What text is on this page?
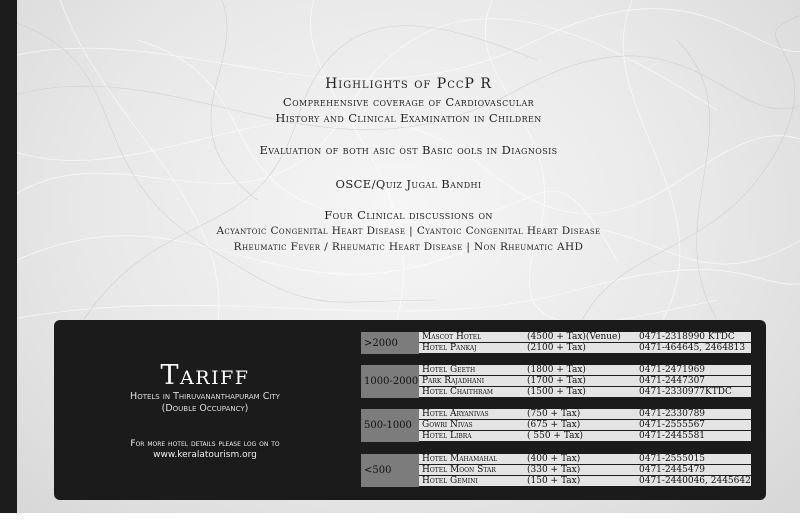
Highlights of PccP R
Comprehensive coverage of Cardiovascular
History and Clinical Examination in Children
Evaluation of both asic ost Basic ools in Diagnosis
OSCE/Quiz Jugal Bandhi
Four Clinical discussions on
Acyantoic Congenital Heart Disease | Cyantoic Congenital Heart Disease
Rheumatic Fever / Rheumatic Heart Disease | Non Rheumatic AHD
Tariff
Hotels in Thiruvananthapuram City
(Double Occupancy)
For more hotel details please log on to
www.keralatourism.org
>2000
Mascot Hotel	(4500 + Tax)(Venue) 0471-2318990 KTDC
Hotel Pankaj	(2100 + Tax)	0471-464645, 2464813
1000-2000
Hotel Geeth	(1800 + Tax)	0471-2471969
Park Rajadhani	(1700 + Tax)	0471-2447307
Hotel Chaithram	(1500 + Tax)	0471-2330977KTDC
500-1000
Hotel Aryanivas	(750 + Tax)	0471-2330789
Gowri Nivas	(675 + Tax)	0471-2555567
Hotel Libra	( 550 + Tax)	0471-2445581
<500
Hotel Mahamahal	(400 + Tax)	0471-2555015
Hotel Moon Star	(330 + Tax)	0471-2445479
Hotel Gemini	(150 + Tax)	0471-2440046, 2445642
